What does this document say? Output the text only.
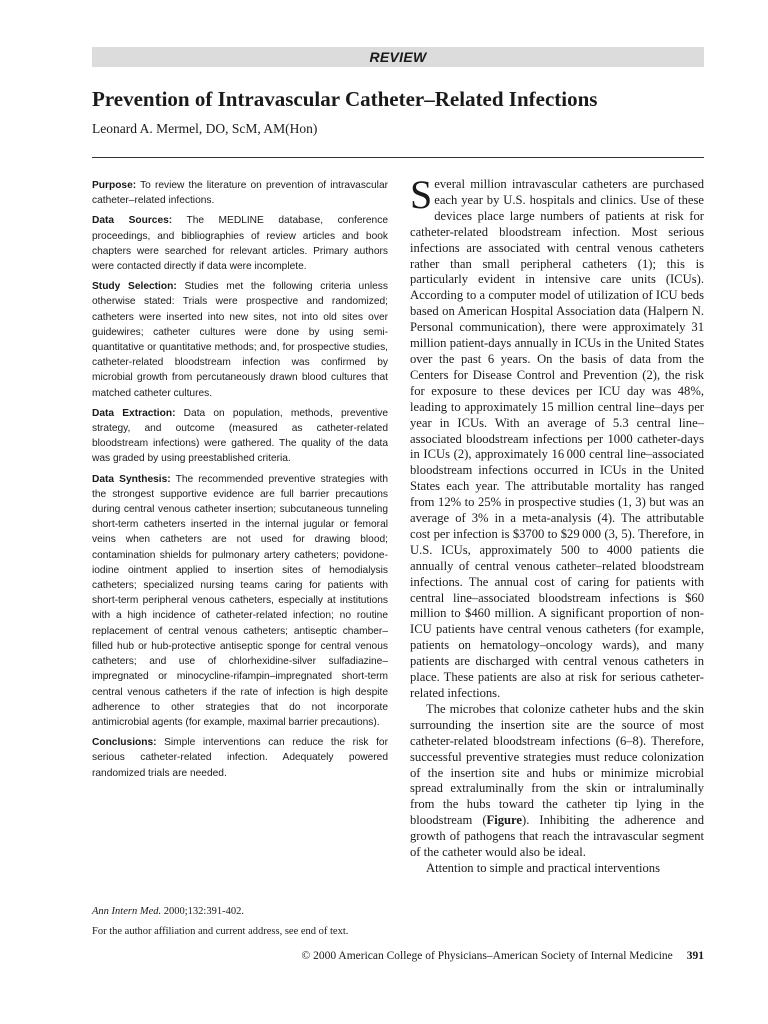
REVIEW
Prevention of Intravascular Catheter–Related Infections
Leonard A. Mermel, DO, ScM, AM(Hon)

Purpose: To review the literature on prevention of intravascular catheter–related infections.

Data Sources: The MEDLINE database, conference proceedings, and bibliographies of review articles and book chapters were searched for relevant articles. Primary authors were contacted directly if data were incomplete.

Study Selection: Studies met the following criteria unless otherwise stated: Trials were prospective and randomized; catheters were inserted into new sites, not into old sites over guidewires; catheter cultures were done by using semi-quantitative or quantitative methods; and, for prospective studies, catheter-related bloodstream infection was confirmed by microbial growth from percutaneously drawn blood cultures that matched catheter cultures.

Data Extraction: Data on population, methods, preventive strategy, and outcome (measured as catheter-related bloodstream infections) were gathered. The quality of the data was graded by using preestablished criteria.

Data Synthesis: The recommended preventive strategies with the strongest supportive evidence are full barrier precautions during central venous catheter insertion; subcutaneous tunneling short-term catheters inserted in the internal jugular or femoral veins when catheters are not used for drawing blood; contamination shields for pulmonary artery catheters; povidone-iodine ointment applied to insertion sites of hemodialysis catheters; specialized nursing teams caring for patients with short-term peripheral venous catheters, especially at institutions with a high incidence of catheter-related infection; no routine replacement of central venous catheters; antiseptic chamber–filled hub or hub-protective antiseptic sponge for central venous catheters; and use of chlorhexidine-silver sulfadiazine–impregnated or minocycline-rifampin–impregnated short-term central venous catheters if the rate of infection is high despite adherence to other strategies that do not incorporate antimicrobial agents (for example, maximal barrier precautions).

Conclusions: Simple interventions can reduce the risk for serious catheter-related infection. Adequately powered randomized trials are needed.

Several million intravascular catheters are purchased each year by U.S. hospitals and clinics. Use of these devices place large numbers of patients at risk for catheter-related bloodstream infection. Most serious infections are associated with central venous catheters rather than small peripheral catheters (1); this is particularly evident in intensive care units (ICUs). According to a computer model of utilization of ICU beds based on American Hospital Association data (Halpern N. Personal communication), there were approximately 31 million patient-days annually in ICUs in the United States over the past 6 years. On the basis of data from the Centers for Disease Control and Prevention (2), the risk for exposure to these devices per ICU day was 48%, leading to approximately 15 million central line–days per year in ICUs. With an average of 5.3 central line–associated bloodstream infections per 1000 catheter-days in ICUs (2), approximately 16 000 central line–associated bloodstream infections occurred in ICUs in the United States each year. The attributable mortality has ranged from 12% to 25% in prospective studies (1, 3) but was an average of 3% in a meta-analysis (4). The attributable cost per infection is $3700 to $29 000 (3, 5). Therefore, in U.S. ICUs, approximately 500 to 4000 patients die annually of central venous catheter–related bloodstream infections. The annual cost of caring for patients with central line–associated bloodstream infections is $60 million to $460 million. A significant proportion of non-ICU patients have central venous catheters (for example, patients on hematology–oncology wards), and many patients are discharged with central venous catheters in place. These patients are also at risk for serious catheter-related infections.

The microbes that colonize catheter hubs and the skin surrounding the insertion site are the source of most catheter-related bloodstream infections (6–8). Therefore, successful preventive strategies must reduce colonization of the insertion site and hubs or minimize microbial spread extraluminally from the skin or intraluminally from the hubs toward the catheter tip lying in the bloodstream (Figure). Inhibiting the adherence and growth of pathogens that reach the intravascular segment of the catheter would also be ideal.

Attention to simple and practical interventions

Ann Intern Med. 2000;132:391-402.
For the author affiliation and current address, see end of text.
© 2000 American College of Physicians–American Society of Internal Medicine 391
